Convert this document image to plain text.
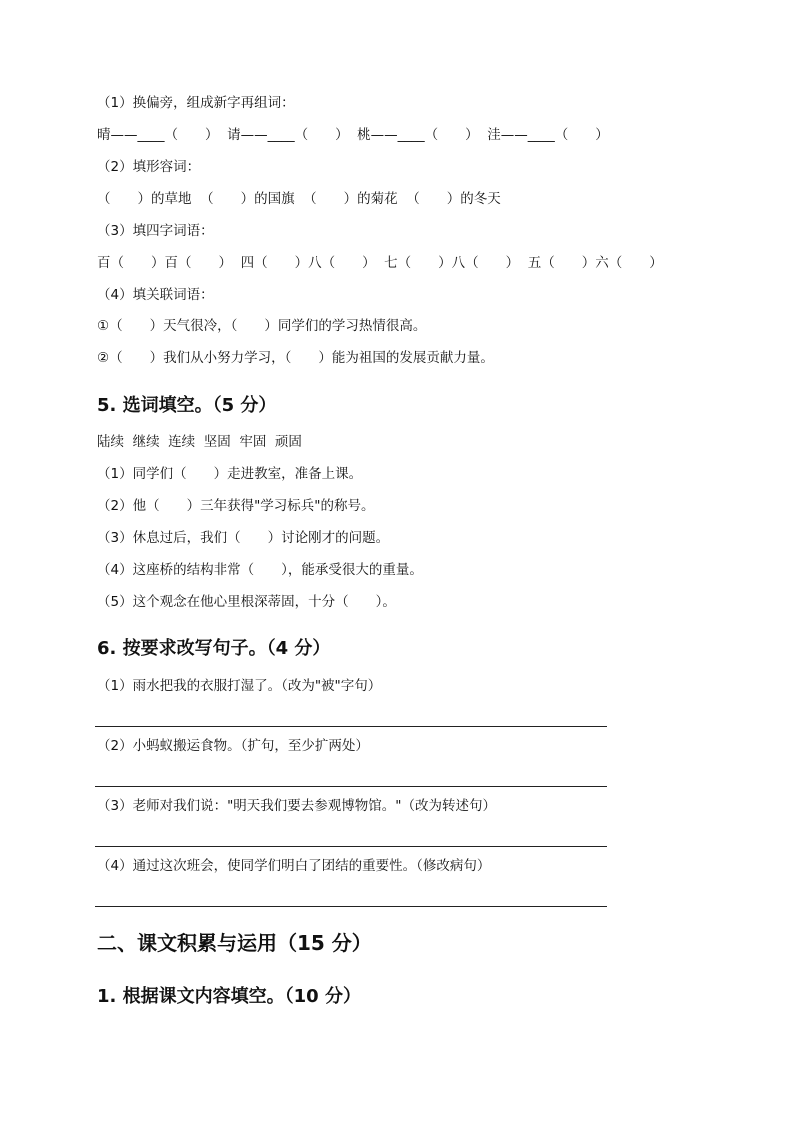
（1）换偏旁，组成新字再组词：
晴——____（　　）  请——____（　　）  桃——____（　　）  洼——____（　　）
（2）填形容词：
（　　）的草地  （　　）的国旗  （　　）的菊花  （　　）的冬天
（3）填四字词语：
百（　　）百（　　）  四（　　）八（　　）  七（　　）八（　　）  五（　　）六（　　）
（4）填关联词语：
①（　　）天气很冷，（　　）同学们的学习热情很高。
②（　　）我们从小努力学习，（　　）能为祖国的发展贡献力量。
5. 选词填空。（5 分）
陆续  继续  连续  坚固  牢固  顽固
（1）同学们（　　）走进教室，准备上课。
（2）他（　　）三年获得"学习标兵"的称号。
（3）休息过后，我们（　　）讨论刚才的问题。
（4）这座桥的结构非常（　　），能承受很大的重量。
（5）这个观念在他心里根深蒂固，十分（　　）。
6. 按要求改写句子。（4 分）
（1）雨水把我的衣服打湿了。（改为"被"字句）
（2）小蚂蚁搬运食物。（扩句，至少扩两处）
（3）老师对我们说："明天我们要去参观博物馆。"（改为转述句）
（4）通过这次班会，使同学们明白了团结的重要性。（修改病句）
二、课文积累与运用（15 分）
1. 根据课文内容填空。（10 分）
